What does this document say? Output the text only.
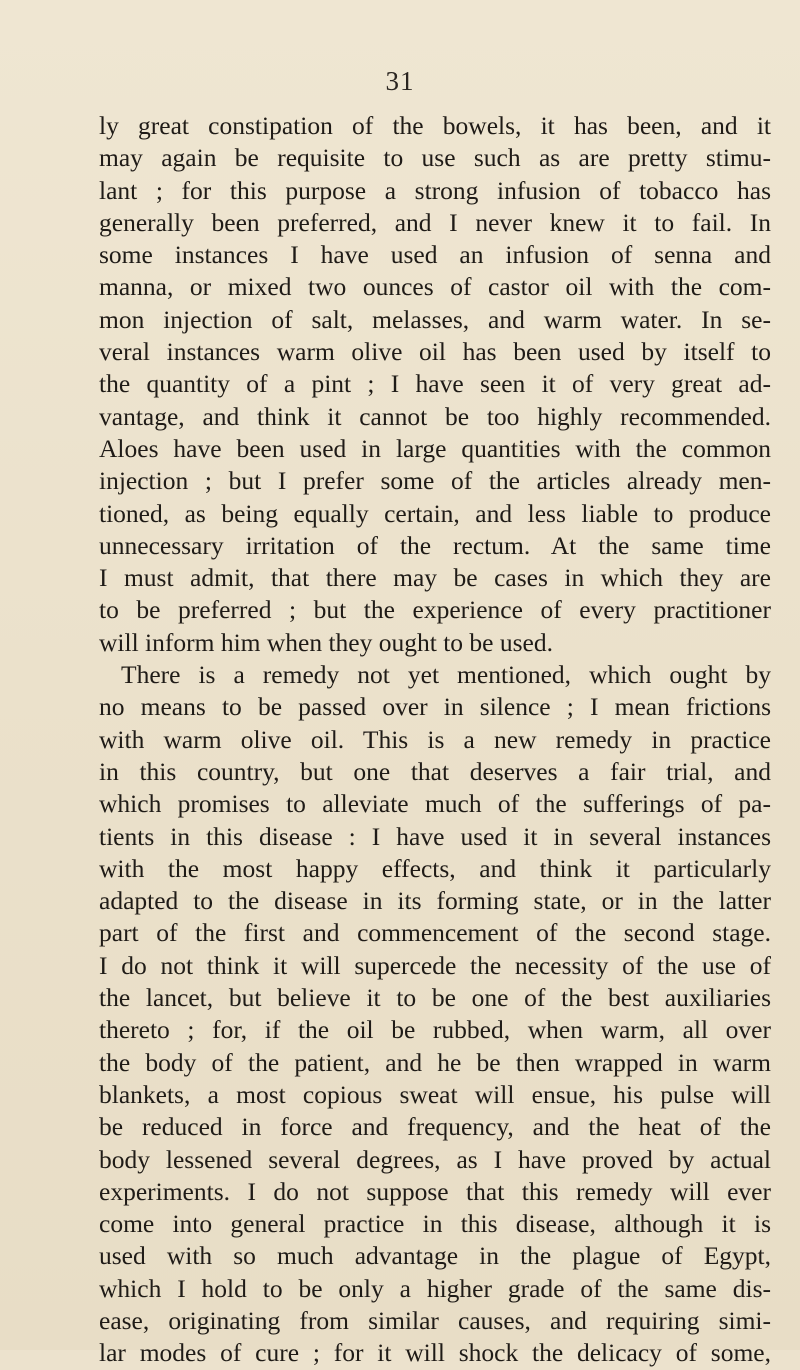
31
ly great constipation of the bowels, it has been, and it
may again be requisite to use such as are pretty stimu-
lant ; for this purpose a strong infusion of tobacco has
generally been preferred, and I never knew it to fail. In
some instances I have used an infusion of senna and
manna, or mixed two ounces of castor oil with the com-
mon injection of salt, melasses, and warm water. In se-
veral instances warm olive oil has been used by itself to
the quantity of a pint ; I have seen it of very great ad-
vantage, and think it cannot be too highly recommended.
Aloes have been used in large quantities with the common
injection ; but I prefer some of the articles already men-
tioned, as being equally certain, and less liable to produce
unnecessary irritation of the rectum. At the same time
I must admit, that there may be cases in which they are
to be preferred ; but the experience of every practitioner
will inform him when they ought to be used.
There is a remedy not yet mentioned, which ought by
no means to be passed over in silence ; I mean frictions
with warm olive oil. This is a new remedy in practice
in this country, but one that deserves a fair trial, and
which promises to alleviate much of the sufferings of pa-
tients in this disease : I have used it in several instances
with the most happy effects, and think it particularly
adapted to the disease in its forming state, or in the latter
part of the first and commencement of the second stage.
I do not think it will supercede the necessity of the use of
the lancet, but believe it to be one of the best auxiliaries
thereto ; for, if the oil be rubbed, when warm, all over
the body of the patient, and he be then wrapped in warm
blankets, a most copious sweat will ensue, his pulse will
be reduced in force and frequency, and the heat of the
body lessened several degrees, as I have proved by actual
experiments. I do not suppose that this remedy will ever
come into general practice in this disease, although it is
used with so much advantage in the plague of Egypt,
which I hold to be only a higher grade of the same dis-
ease, originating from similar causes, and requiring simi-
lar modes of cure ; for it will shock the delicacy of some,
